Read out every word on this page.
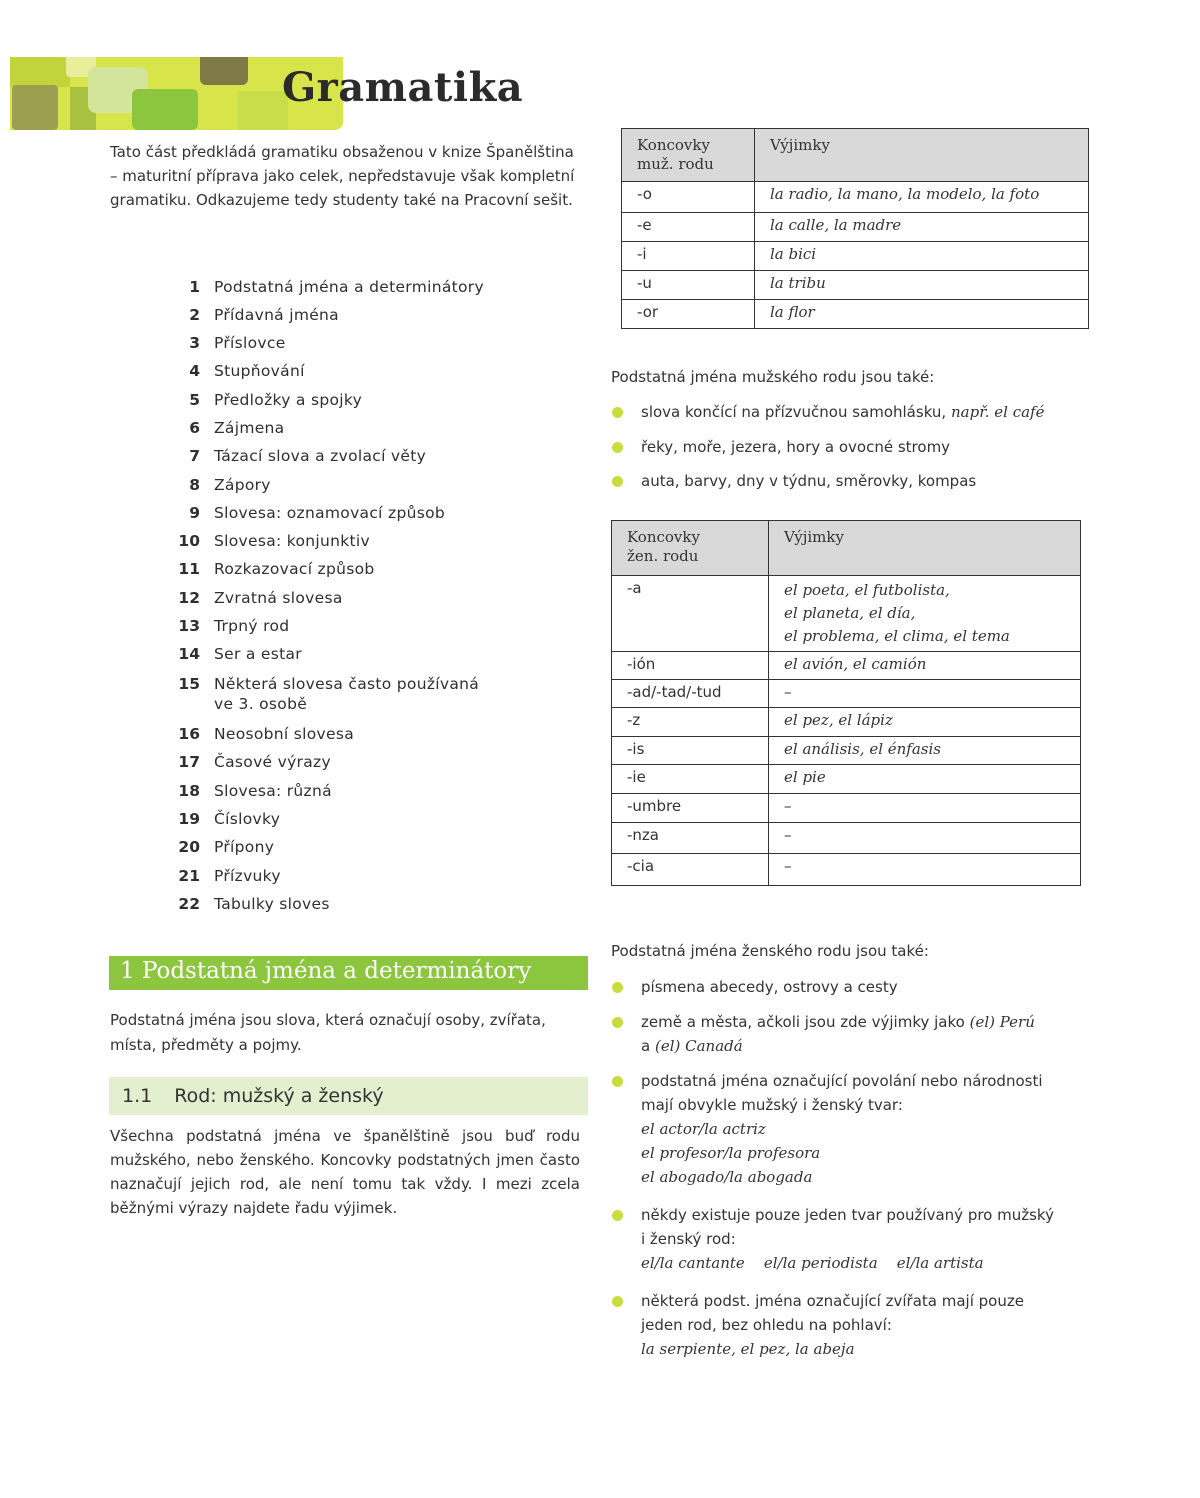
Gramatika
Tato část předkládá gramatiku obsaženou v knize Španělština – maturitní příprava jako celek, nepředstavuje však kompletní gramatiku. Odkazujeme tedy studenty také na Pracovní sešit.
1 Podstatná jména a determinátory
2 Přídavná jména
3 Příslovce
4 Stupňování
5 Předložky a spojky
6 Zájmena
7 Tázací slova a zvolací věty
8 Zápory
9 Slovesa: oznamovací způsob
10 Slovesa: konjunktiv
11 Rozkazovací způsob
12 Zvratná slovesa
13 Trpný rod
14 Ser a estar
15 Některá slovesa často používaná
ve 3. osobě
16 Neosobní slovesa
17 Časové výrazy
18 Slovesa: různá
19 Číslovky
20 Přípony
21 Přízvuky
22 Tabulky sloves
1 Podstatná jména a determinátory
Podstatná jména jsou slova, která označují osoby, zvířata, místa, předměty a pojmy.
1.1 Rod: mužský a ženský
Všechna podstatná jména ve španělštině jsou buď rodu mužského, nebo ženského. Koncovky podstatných jmen často naznačují jejich rod, ale není tomu tak vždy. I mezi zcela běžnými výrazy najdete řadu výjimek.
Koncovky
muž. rodu	Výjimky
-o	la radio, la mano, la modelo, la foto
-e	la calle, la madre
-i	la bici
-u	la tribu
-or	la flor
Podstatná jména mužského rodu jsou také:
slova končící na přízvučnou samohlásku, např. el café
řeky, moře, jezera, hory a ovocné stromy
auta, barvy, dny v týdnu, směrovky, kompas
Koncovky
žen. rodu	Výjimky
-a	el poeta, el futbolista,
el planeta, el día,
el problema, el clima, el tema
-ión	el avión, el camión
-ad/-tad/-tud	–
-z	el pez, el lápiz
-is	el análisis, el énfasis
-ie	el pie
-umbre	–
-nza	–
-cia	–
Podstatná jména ženského rodu jsou také:
písmena abecedy, ostrovy a cesty
země a města, ačkoli jsou zde výjimky jako (el) Perú
a (el) Canadá
podstatná jména označující povolání nebo národnosti
mají obvykle mužský i ženský tvar:
el actor/la actriz
el profesor/la profesora
el abogado/la abogada
někdy existuje pouze jeden tvar používaný pro mužský
i ženský rod:
el/la cantante el/la periodista el/la artista
některá podst. jména označující zvířata mají pouze
jeden rod, bez ohledu na pohlaví:
la serpiente, el pez, la abeja
